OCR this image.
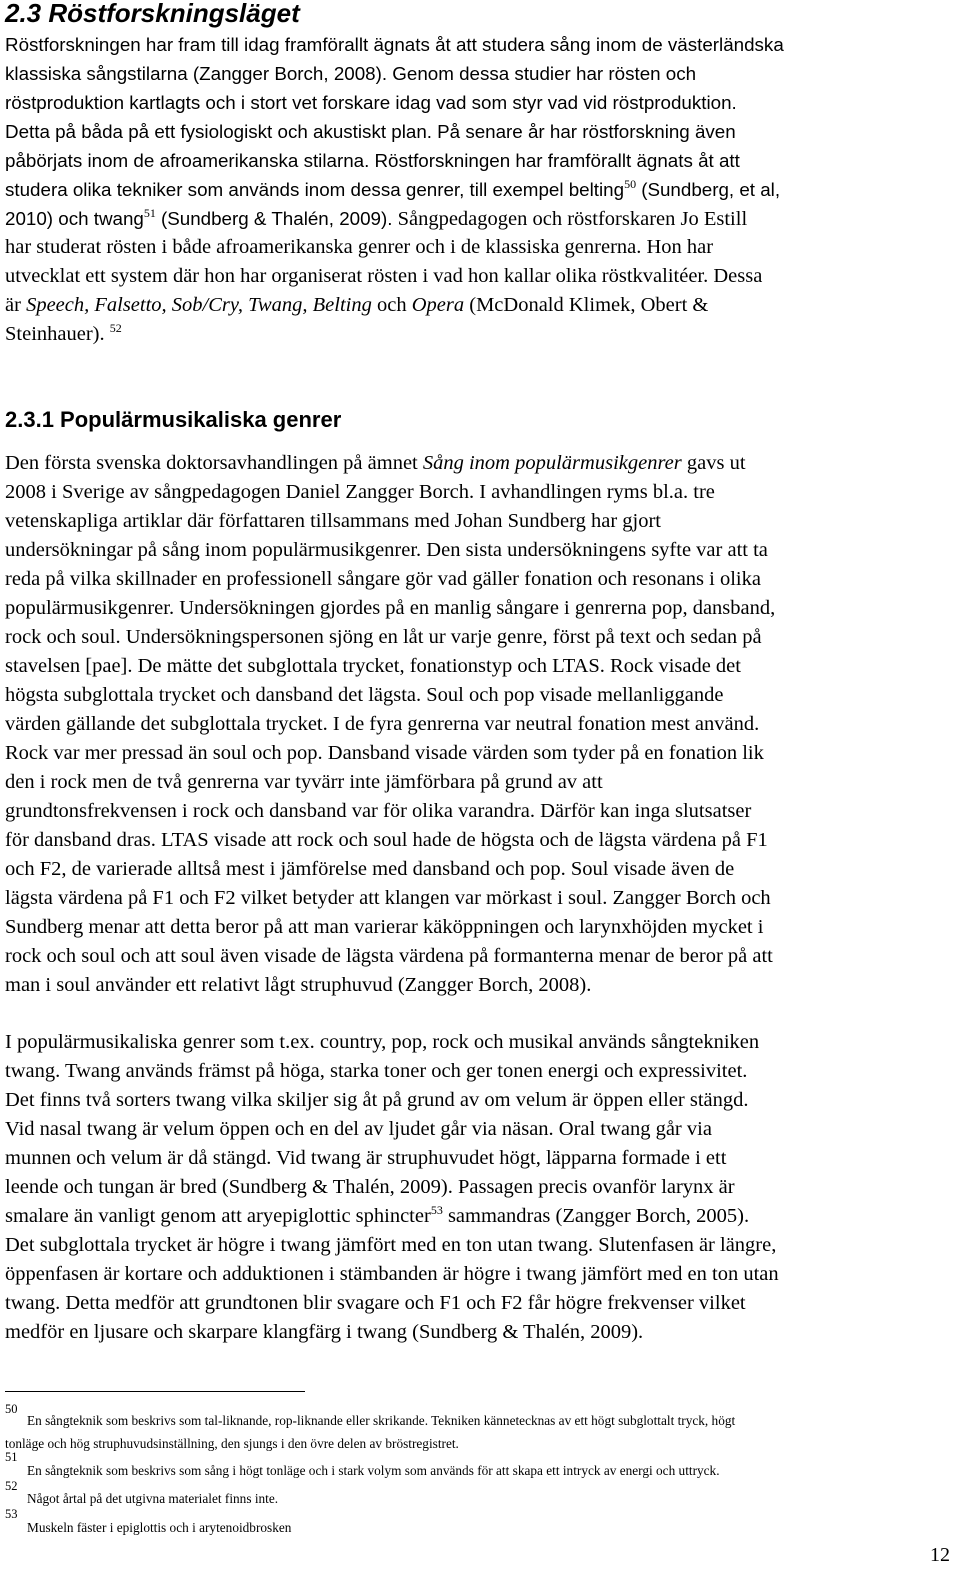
2.3 Röstforskningsläget
Röstforskningen har fram till idag framförallt ägnats åt att studera sång inom de västerländska
klassiska sångstilarna (Zangger Borch, 2008). Genom dessa studier har rösten och
röstproduktion kartlagts och i stort vet forskare idag vad som styr vad vid röstproduktion.
Detta på båda på ett fysiologiskt och akustiskt plan. På senare år har röstforskning även
påbörjats inom de afroamerikanska stilarna. Röstforskningen har framförallt ägnats åt att
studera olika tekniker som används inom dessa genrer, till exempel belting$^{50}$ (Sundberg, et al,
2010) och twang$^{51}$ (Sundberg & Thalén, 2009). Sångpedagogen och röstforskaren Jo Estill
har studerat rösten i både afroamerikanska genrer och i de klassiska genrerna. Hon har
utvecklat ett system där hon har organiserat rösten i vad hon kallar olika röstkvalitéer. Dessa
är Speech, Falsetto, Sob/Cry, Twang, Belting och Opera (McDonald Klimek, Obert &
Steinhauer). $^{52}$
2.3.1 Populärmusikaliska genrer
Den första svenska doktorsavhandlingen på ämnet Sång inom populärmusikgenrer gavs ut
2008 i Sverige av sångpedagogen Daniel Zangger Borch. I avhandlingen ryms bl.a. tre
vetenskapliga artiklar där författaren tillsammans med Johan Sundberg har gjort
undersökningar på sång inom populärmusikgenrer. Den sista undersökningens syfte var att ta
reda på vilka skillnader en professionell sångare gör vad gäller fonation och resonans i olika
populärmusikgenrer. Undersökningen gjordes på en manlig sångare i genrerna pop, dansband,
rock och soul. Undersökningspersonen sjöng en låt ur varje genre, först på text och sedan på
stavelsen [pae]. De mätte det subglottala trycket, fonationstyp och LTAS. Rock visade det
högsta subglottala trycket och dansband det lägsta. Soul och pop visade mellanliggande
värden gällande det subglottala trycket. I de fyra genrerna var neutral fonation mest använd.
Rock var mer pressad än soul och pop. Dansband visade värden som tyder på en fonation lik
den i rock men de två genrerna var tyvärr inte jämförbara på grund av att
grundtonsfrekvensen i rock och dansband var för olika varandra. Därför kan inga slutsatser
för dansband dras. LTAS visade att rock och soul hade de högsta och de lägsta värdena på F1
och F2, de varierade alltså mest i jämförelse med dansband och pop. Soul visade även de
lägsta värdena på F1 och F2 vilket betyder att klangen var mörkast i soul. Zangger Borch och
Sundberg menar att detta beror på att man varierar käköppningen och larynxhöjden mycket i
rock och soul och att soul även visade de lägsta värdena på formanterna menar de beror på att
man i soul använder ett relativt lågt struphuvud (Zangger Borch, 2008).
I populärmusikaliska genrer som t.ex. country, pop, rock och musikal används sångtekniken
twang. Twang används främst på höga, starka toner och ger tonen energi och expressivitet.
Det finns två sorters twang vilka skiljer sig åt på grund av om velum är öppen eller stängd.
Vid nasal twang är velum öppen och en del av ljudet går via näsan. Oral twang går via
munnen och velum är då stängd. Vid twang är struphuvudet högt, läpparna formade i ett
leende och tungan är bred (Sundberg & Thalén, 2009). Passagen precis ovanför larynx är
smalare än vanligt genom att aryepiglottic sphincter$^{53}$ sammandras (Zangger Borch, 2005).
Det subglottala trycket är högre i twang jämfört med en ton utan twang. Slutenfasen är längre,
öppenfasen är kortare och adduktionen i stämbanden är högre i twang jämfört med en ton utan
twang. Detta medför att grundtonen blir svagare och F1 och F2 får högre frekvenser vilket
medför en ljusare och skarpare klangfärg i twang (Sundberg & Thalén, 2009).
50
En sångteknik som beskrivs som tal-liknande, rop-liknande eller skrikande. Tekniken kännetecknas av ett högt subglottalt tryck, högt
tonläge och hög struphuvudsinställning, den sjungs i den övre delen av bröstregistret.
51
En sångteknik som beskrivs som sång i högt tonläge och i stark volym som används för att skapa ett intryck av energi och uttryck.
52
Något årtal på det utgivna materialet finns inte.
53
Muskeln fäster i epiglottis och i arytenoidbrosken
12
